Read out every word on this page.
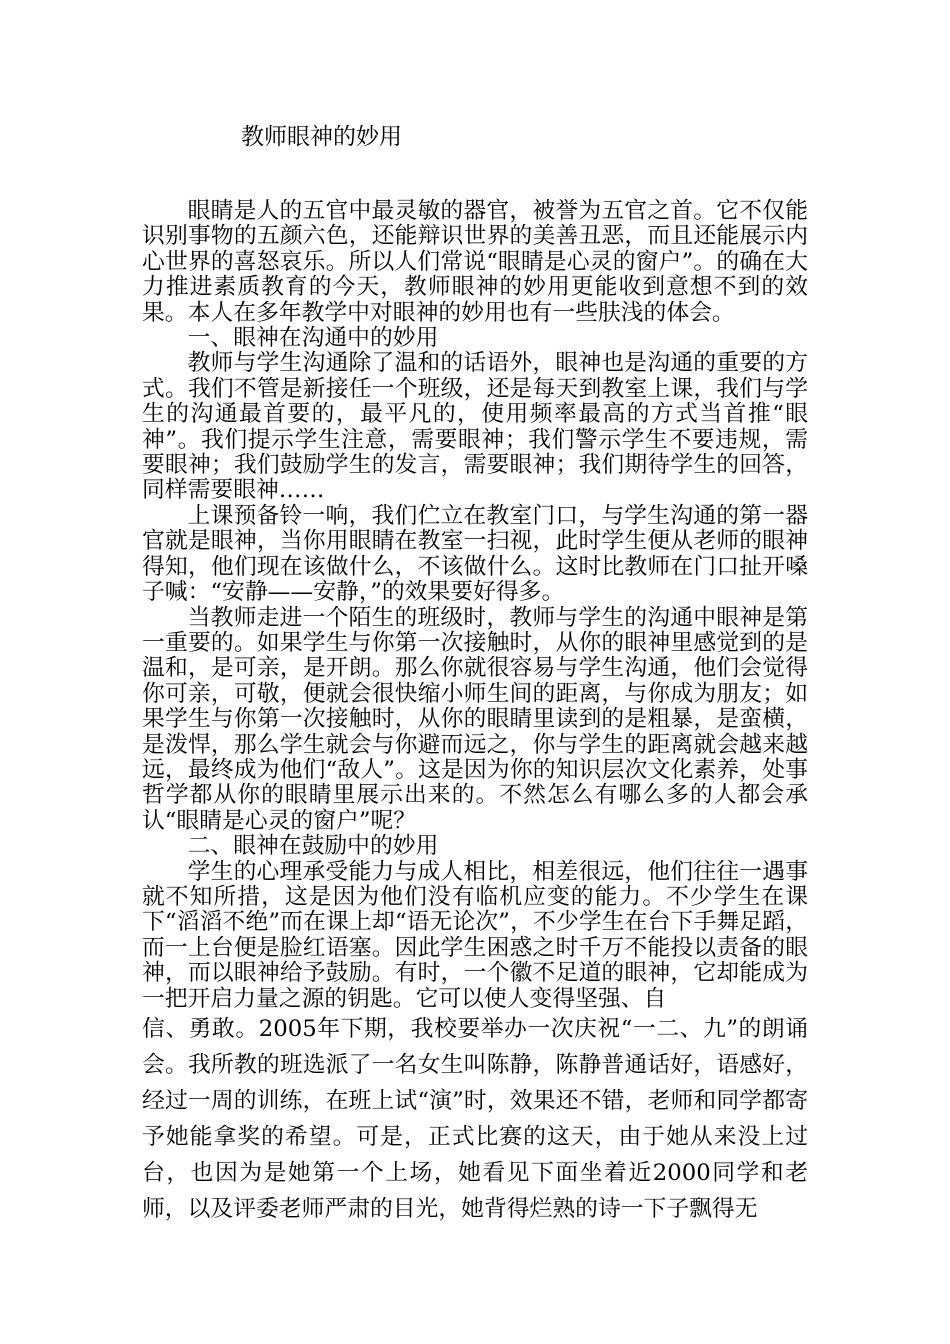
教师眼神的妙用

眼睛是人的五官中最灵敏的器官，被誉为五官之首。它不仅能识别事物的五颜六色，还能辩识世界的美善丑恶，而且还能展示内心世界的喜怒哀乐。所以人们常说“眼睛是心灵的窗户”。的确在大力推进素质教育的今天，教师眼神的妙用更能收到意想不到的效果。本人在多年教学中对眼神的妙用也有一些肤浅的体会。

一、眼神在沟通中的妙用

教师与学生沟通除了温和的话语外，眼神也是沟通的重要的方式。我们不管是新接任一个班级，还是每天到教室上课，我们与学生的沟通最首要的，最平凡的，使用频率最高的方式当首推“眼神”。我们提示学生注意，需要眼神；我们警示学生不要违规，需要眼神；我们鼓励学生的发言，需要眼神；我们期待学生的回答，同样需要眼神……

上课预备铃一响，我们伫立在教室门口，与学生沟通的第一器官就是眼神，当你用眼睛在教室一扫视，此时学生便从老师的眼神得知，他们现在该做什么，不该做什么。这时比教师在门口扯开嗓子喊：“安静——安静，”的效果要好得多。

当教师走进一个陌生的班级时，教师与学生的沟通中眼神是第一重要的。如果学生与你第一次接触时，从你的眼神里感觉到的是温和，是可亲，是开朗。那么你就很容易与学生沟通，他们会觉得你可亲，可敬，便就会很快缩小师生间的距离，与你成为朋友；如果学生与你第一次接触时，从你的眼睛里读到的是粗暴，是蛮横，是泼悍，那么学生就会与你避而远之，你与学生的距离就会越来越远，最终成为他们“敌人”。这是因为你的知识层次文化素养，处事哲学都从你的眼睛里展示出来的。不然怎么有哪么多的人都会承认“眼睛是心灵的窗户”呢？

二、眼神在鼓励中的妙用

学生的心理承受能力与成人相比，相差很远，他们往往一遇事就不知所措，这是因为他们没有临机应变的能力。不少学生在课下“滔滔不绝”而在课上却“语无论次”，不少学生在台下手舞足蹈，而一上台便是脸红语塞。因此学生困惑之时千万不能投以责备的眼神，而以眼神给予鼓励。有时，一个徽不足道的眼神，它却能成为一把开启力量之源的钥匙。它可以使人变得坚强、自

信、勇敢。2005年下期，我校要举办一次庆祝“一二、九”的朗诵会。我所教的班选派了一名女生叫陈静，陈静普通话好，语感好，经过一周的训练，在班上试“演”时，效果还不错，老师和同学都寄予她能拿奖的希望。可是，正式比赛的这天，由于她从来没上过台，也因为是她第一个上场，她看见下面坐着近2000同学和老师，以及评委老师严肃的目光，她背得烂熟的诗一下子飘得无
